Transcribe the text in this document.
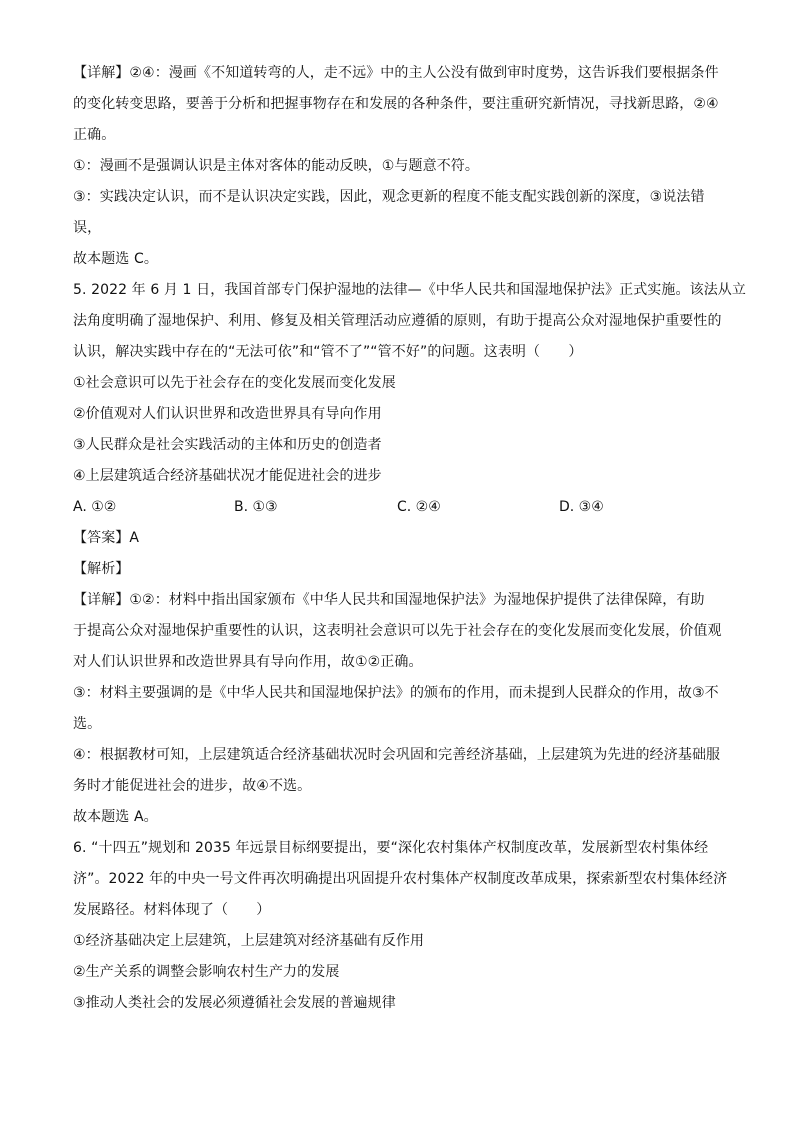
【详解】②④：漫画《不知道转弯的人，走不远》中的主人公没有做到审时度势，这告诉我们要根据条件
的变化转变思路，要善于分析和把握事物存在和发展的各种条件，要注重研究新情况，寻找新思路，②④
正确。
①：漫画不是强调认识是主体对客体的能动反映，①与题意不符。
③：实践决定认识，而不是认识决定实践，因此，观念更新的程度不能支配实践创新的深度，③说法错
误，
故本题选 C。
5. 2022 年 6 月 1 日，我国首部专门保护湿地的法律—《中华人民共和国湿地保护法》正式实施。该法从立
法角度明确了湿地保护、利用、修复及相关管理活动应遵循的原则，有助于提高公众对湿地保护重要性的
认识，解决实践中存在的“无法可依”和“管不了”“管不好”的问题。这表明（　　）
①社会意识可以先于社会存在的变化发展而变化发展
②价值观对人们认识世界和改造世界具有导向作用
③人民群众是社会实践活动的主体和历史的创造者
④上层建筑适合经济基础状况才能促进社会的进步
A. ①②	B. ①③	C. ②④	D. ③④
【答案】A
【解析】
【详解】①②：材料中指出国家颁布《中华人民共和国湿地保护法》为湿地保护提供了法律保障，有助
于提高公众对湿地保护重要性的认识，这表明社会意识可以先于社会存在的变化发展而变化发展，价值观
对人们认识世界和改造世界具有导向作用，故①②正确。
③：材料主要强调的是《中华人民共和国湿地保护法》的颁布的作用，而未提到人民群众的作用，故③不
选。
④：根据教材可知，上层建筑适合经济基础状况时会巩固和完善经济基础，上层建筑为先进的经济基础服
务时才能促进社会的进步，故④不选。
故本题选 A。
6. “十四五”规划和 2035 年远景目标纲要提出，要“深化农村集体产权制度改革，发展新型农村集体经
济”。2022 年的中央一号文件再次明确提出巩固提升农村集体产权制度改革成果，探索新型农村集体经济
发展路径。材料体现了（　　）
①经济基础决定上层建筑，上层建筑对经济基础有反作用
②生产关系的调整会影响农村生产力的发展
③推动人类社会的发展必须遵循社会发展的普遍规律
